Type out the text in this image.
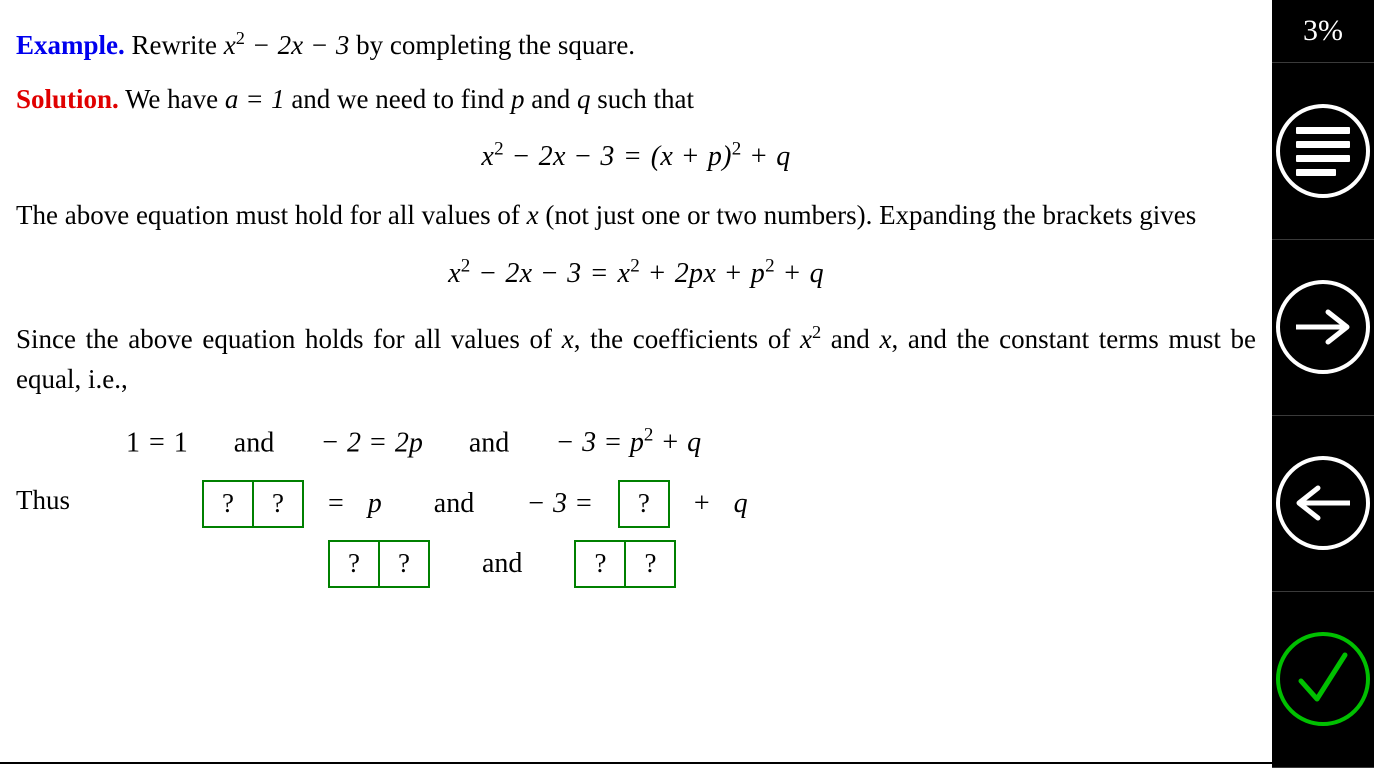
Example. Rewrite $x^2 - 2x - 3$ by completing the square.

Solution. We have a = 1 and we need to find p and q such that

$x^2 - 2x - 3 = (x + p)^2 + q$

The above equation must hold for all values of x (not just one or two numbers). Expanding the brackets gives

$x^2 - 2x - 3 = x^2 + 2px + p^2 + q$

Since the above equation holds for all values of x, the coefficients of $x^2$ and x, and the constant terms must be equal, i.e.,

1 = 1 and − 2 = 2p and − $3 = p^2 + q$

Thus	?	?	= p and − 3 =	?	+ q
?	?	and	?	?
3%
